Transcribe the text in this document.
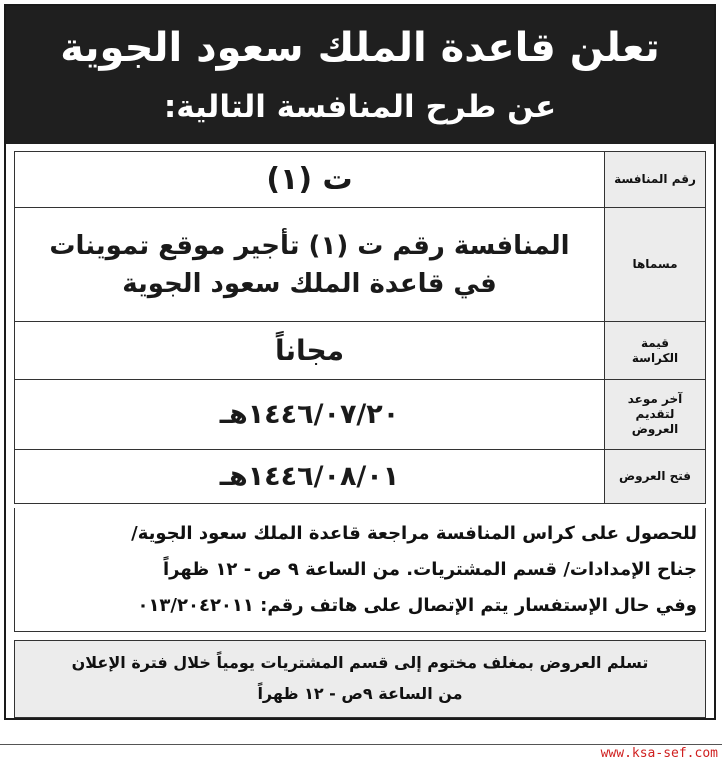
تعلن قاعدة الملك سعود الجوية
عن طرح المنافسة التالية:
رقم المنافسة	ت (١)
مسماها	المنافسة رقم ت (١) تأجير موقع تموينات
في قاعدة الملك سعود الجوية

قيمة
الكراسة	مجاناً

آخر موعد
لتقديم
العروض	١٤٤٦/٠٧/٢٠هـ
فتح العروض	١٤٤٦/٠٨/٠١هـ
للحصول على كراس المنافسة مراجعة قاعدة الملك سعود الجوية/
جناح الإمدادات/ قسم المشتريات. من الساعة ٩ ص - ١٢ ظهراً
وفي حال الإستفسار يتم الإتصال على هاتف رقم: ٠١٣/٢٠٤٢٠١١
تسلم العروض بمغلف مختوم إلى قسم المشتريات يومياً خلال فترة الإعلان
من الساعة ٩ص - ١٢ ظهراً
www.ksa-sef.com
